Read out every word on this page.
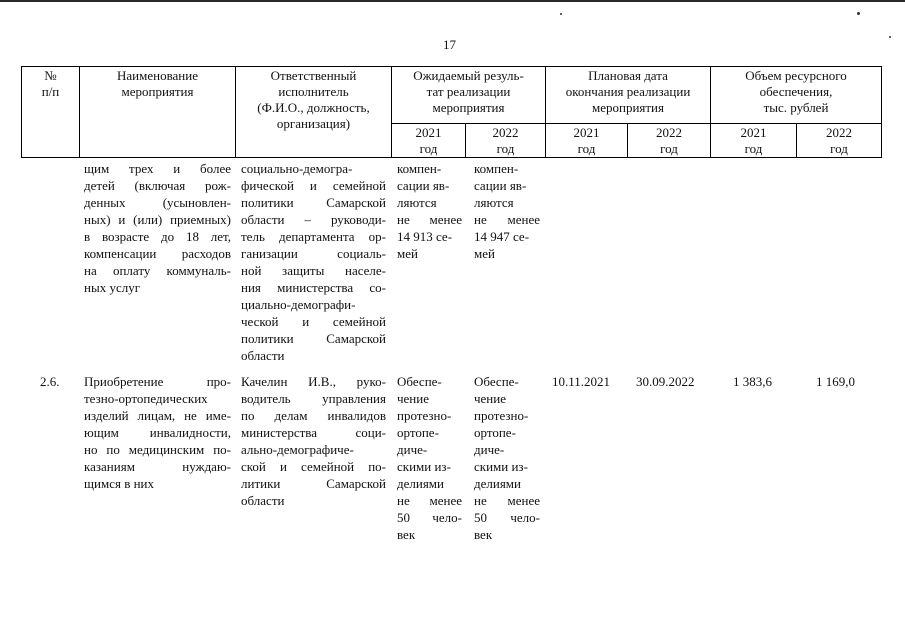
17
№
п/п
Наименование
мероприятия
Ответственный
исполнитель
(Ф.И.О., должность,
организация)
Ожидаемый резуль-
тат реализации
мероприятия
Плановая дата
окончания реализации
мероприятия
Объем ресурсного
обеспечения,
тыс. рублей
2021
год
2022
год
2021
год
2022
год
2021
год
2022
год
щим трех и более
детей (включая рож-
денных (усыновлен-
ных) и (или) приемных)
в возрасте до 18 лет,
компенсации расходов
на оплату коммуналь-
ных услуг
социально-демогра-
фической и семейной
политики Самарской
области – руководи-
тель департамента ор-
ганизации социаль-
ной защиты населе-
ния министерства со-
циально-демографи-
ческой и семейной
политики Самарской
области
компен-
сации яв-
ляются
не менее
14 913 се-
мей
компен-
сации яв-
ляются
не менее
14 947 се-
мей
2.6. Приобретение про-
тезно-ортопедических
изделий лицам, не име-
ющим инвалидности,
но по медицинским по-
казаниям нуждаю-
щимся в них
Качелин И.В., руко-
водитель управления
по делам инвалидов
министерства соци-
ально-демографиче-
ской и семейной по-
литики Самарской
области
Обеспе-
чение
протезно-
ортопе-
диче-
скими из-
делиями
не менее
50 чело-
век
Обеспе-
чение
протезно-
ортопе-
диче-
скими из-
делиями
не менее
50 чело-
век
10.11.2021 30.09.2022	1 383,6	1 169,0
